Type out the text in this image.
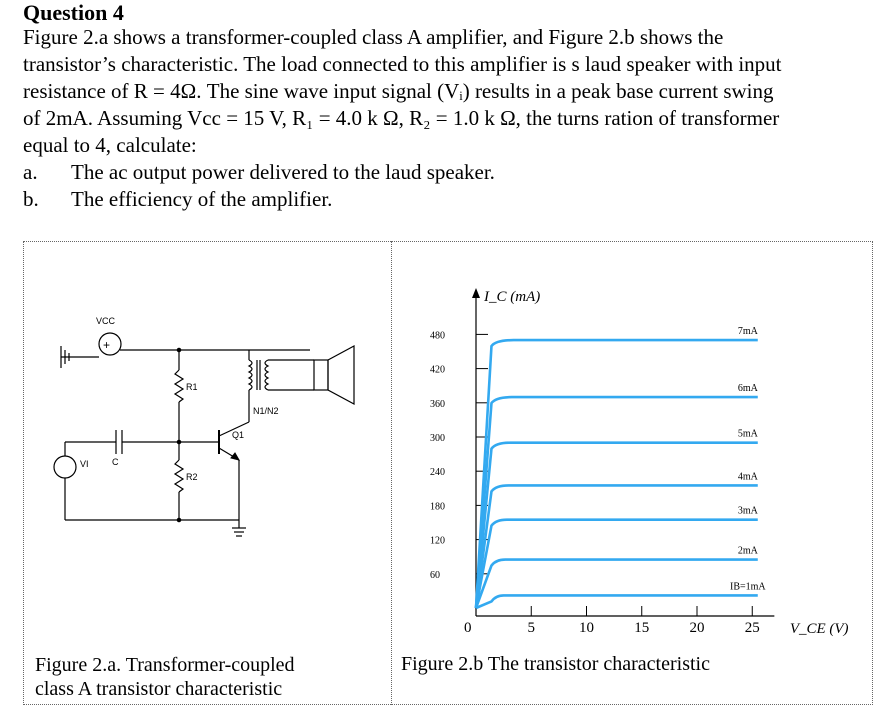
Question 4

Figure 2.a shows a transformer-coupled class A amplifier, and Figure 2.b shows the

transistor’s characteristic. The load connected to this amplifier is s laud speaker with input

resistance of R = 4Ω. The sine wave input signal (Vᵢ) results in a peak base current swing

of 2mA. Assuming Vcc = 15 V, R₁ = 4.0 k Ω, R₂ = 1.0 k Ω, the turns ration of transformer

equal to 4, calculate:

a.	The ac output power delivered to the laud speaker.
b.	The efficiency of the amplifier.
VCC
+
R1
R2
Q1
N1/N2
VI	C
Figure 2.a. Transformer-coupled
class A transistor characteristic
I_C (mA)
V_CE (V)
60
120
180
240
300
360
420
480
0	5	10	15	20	25
IB=1mA
2mA
3mA
4mA
5mA
6mA
7mA
Figure 2.b The transistor characteristic
